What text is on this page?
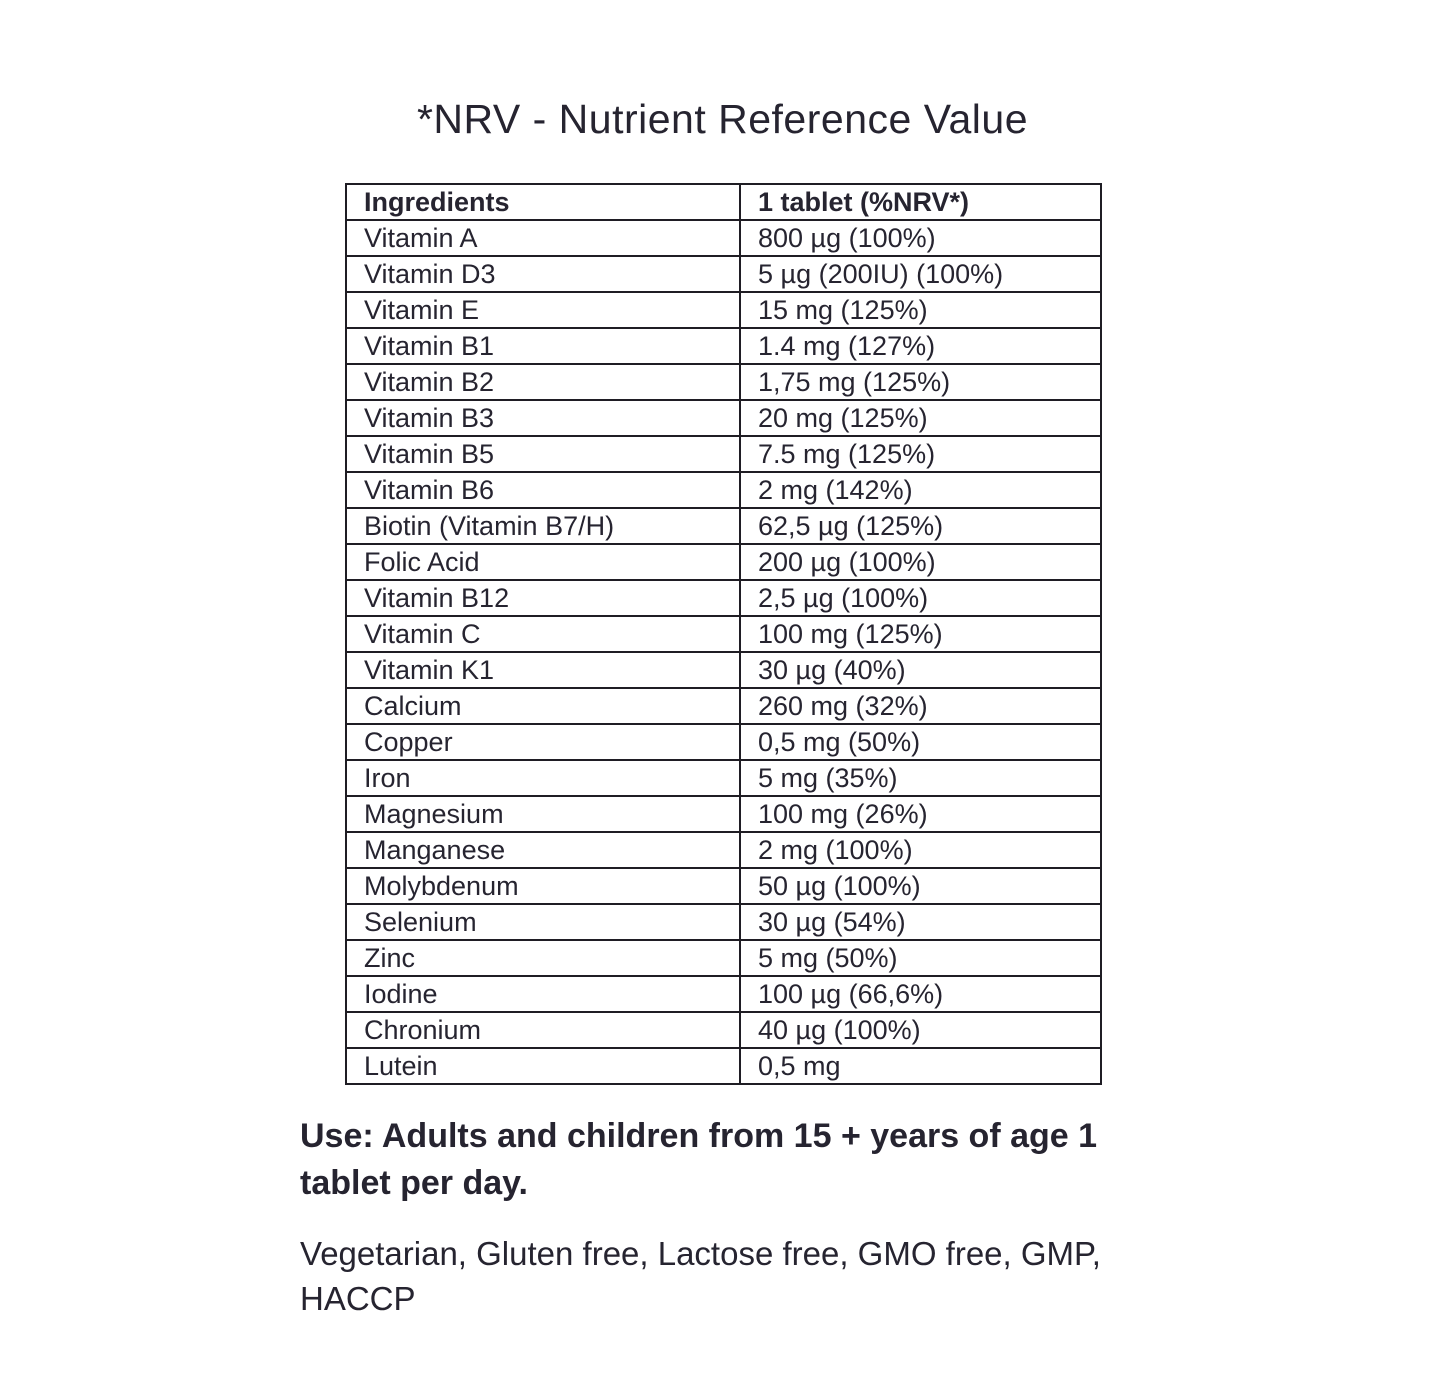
*NRV - Nutrient Reference Value
Ingredients	1 tablet (%NRV*)
Vitamin A	800 µg (100%)
Vitamin D3	5 µg (200IU) (100%)
Vitamin E	15 mg (125%)
Vitamin B1	1.4 mg (127%)
Vitamin B2	1,75 mg (125%)
Vitamin B3	20 mg (125%)
Vitamin B5	7.5 mg (125%)
Vitamin B6	2 mg (142%)
Biotin (Vitamin B7/H)	62,5 µg (125%)
Folic Acid	200 µg (100%)
Vitamin B12	2,5 µg (100%)
Vitamin C	100 mg (125%)
Vitamin K1	30 µg (40%)
Calcium	260 mg (32%)
Copper	0,5 mg (50%)
Iron	5 mg (35%)
Magnesium	100 mg (26%)
Manganese	2 mg (100%)
Molybdenum	50 µg (100%)
Selenium	30 µg (54%)
Zinc	5 mg (50%)
Iodine	100 µg (66,6%)
Chronium	40 µg (100%)
Lutein	0,5 mg

Use: Adults and children from 15 + years of age 1 tablet per day.

Vegetarian, Gluten free, Lactose free, GMO free, GMP, HACCP
